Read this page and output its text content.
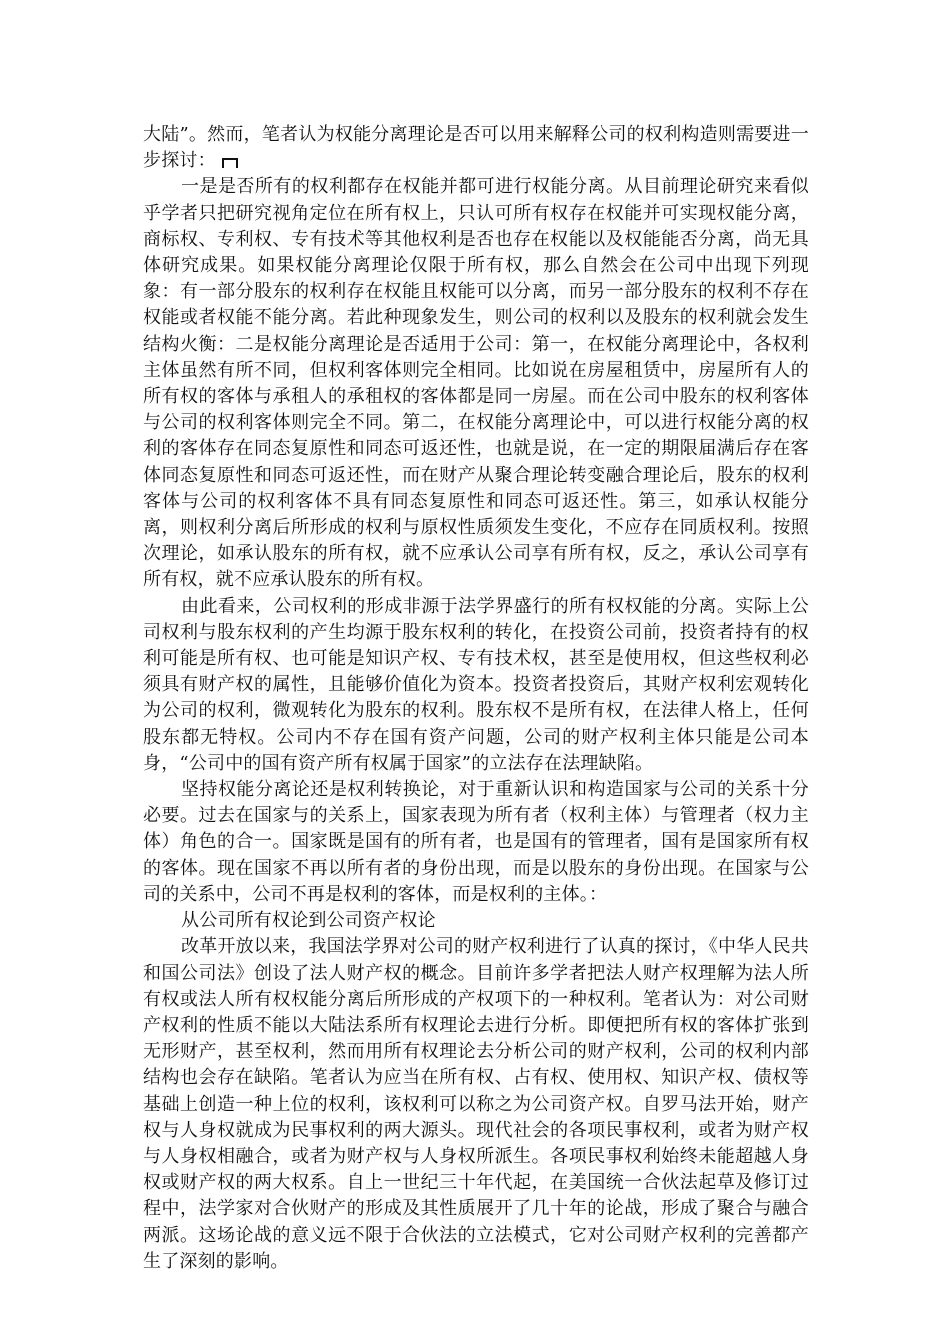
大陆”。然而，笔者认为权能分离理论是否可以用来解释公司的权利构造则需要进一步探讨：

一是是否所有的权利都存在权能并都可进行权能分离。从目前理论研究来看似乎学者只把研究视角定位在所有权上，只认可所有权存在权能并可实现权能分离，商标权、专利权、专有技术等其他权利是否也存在权能以及权能能否分离，尚无具体研究成果。如果权能分离理论仅限于所有权，那么自然会在公司中出现下列现象：有一部分股东的权利存在权能且权能可以分离，而另一部分股东的权利不存在权能或者权能不能分离。若此种现象发生，则公司的权利以及股东的权利就会发生结构火衡：二是权能分离理论是否适用于公司：第一，在权能分离理论中，各权利主体虽然有所不同，但权利客体则完全相同。比如说在房屋租赁中，房屋所有人的所有权的客体与承租人的承租权的客体都是同一房屋。而在公司中股东的权利客体与公司的权利客体则完全不同。第二，在权能分离理论中，可以进行权能分离的权利的客体存在同态复原性和同态可返还性，也就是说，在一定的期限届满后存在客体同态复原性和同态可返还性，而在财产从聚合理论转变融合理论后，股东的权利客体与公司的权利客体不具有同态复原性和同态可返还性。第三，如承认权能分离，则权利分离后所形成的权利与原权性质须发生变化，不应存在同质权利。按照次理论，如承认股东的所有权，就不应承认公司享有所有权，反之，承认公司享有所有权，就不应承认股东的所有权。

由此看来，公司权利的形成非源于法学界盛行的所有权权能的分离。实际上公司权利与股东权利的产生均源于股东权利的转化，在投资公司前，投资者持有的权利可能是所有权、也可能是知识产权、专有技术权，甚至是使用权，但这些权利必须具有财产权的属性，且能够价值化为资本。投资者投资后，其财产权利宏观转化为公司的权利，微观转化为股东的权利。股东权不是所有权，在法律人格上，任何股东都无特权。公司内不存在国有资产问题，公司的财产权利主体只能是公司本身，“公司中的国有资产所有权属于国家”的立法存在法理缺陷。

坚持权能分离论还是权利转换论，对于重新认识和构造国家与公司的关系十分必要。过去在国家与的关系上，国家表现为所有者（权利主体）与管理者（权力主体）角色的合一。国家既是国有的所有者，也是国有的管理者，国有是国家所有权的客体。现在国家不再以所有者的身份出现，而是以股东的身份出现。在国家与公司的关系中，公司不再是权利的客体，而是权利的主体。：

从公司所有权论到公司资产权论

改革开放以来，我国法学界对公司的财产权利进行了认真的探讨，《中华人民共和国公司法》创设了法人财产权的概念。目前许多学者把法人财产权理解为法人所有权或法人所有权权能分离后所形成的产权项下的一种权利。笔者认为：对公司财产权利的性质不能以大陆法系所有权理论去进行分析。即便把所有权的客体扩张到无形财产，甚至权利，然而用所有权理论去分析公司的财产权利，公司的权利内部结构也会存在缺陷。笔者认为应当在所有权、占有权、使用权、知识产权、债权等基础上创造一种上位的权利，该权利可以称之为公司资产权。自罗马法开始，财产权与人身权就成为民事权利的两大源头。现代社会的各项民事权利，或者为财产权与人身权相融合，或者为财产权与人身权所派生。各项民事权利始终未能超越人身权或财产权的两大权系。自上一世纪三十年代起，在美国统一合伙法起草及修订过程中，法学家对合伙财产的形成及其性质展开了几十年的论战，形成了聚合与融合两派。这场论战的意义远不限于合伙法的立法模式，它对公司财产权利的完善都产生了深刻的影响。
